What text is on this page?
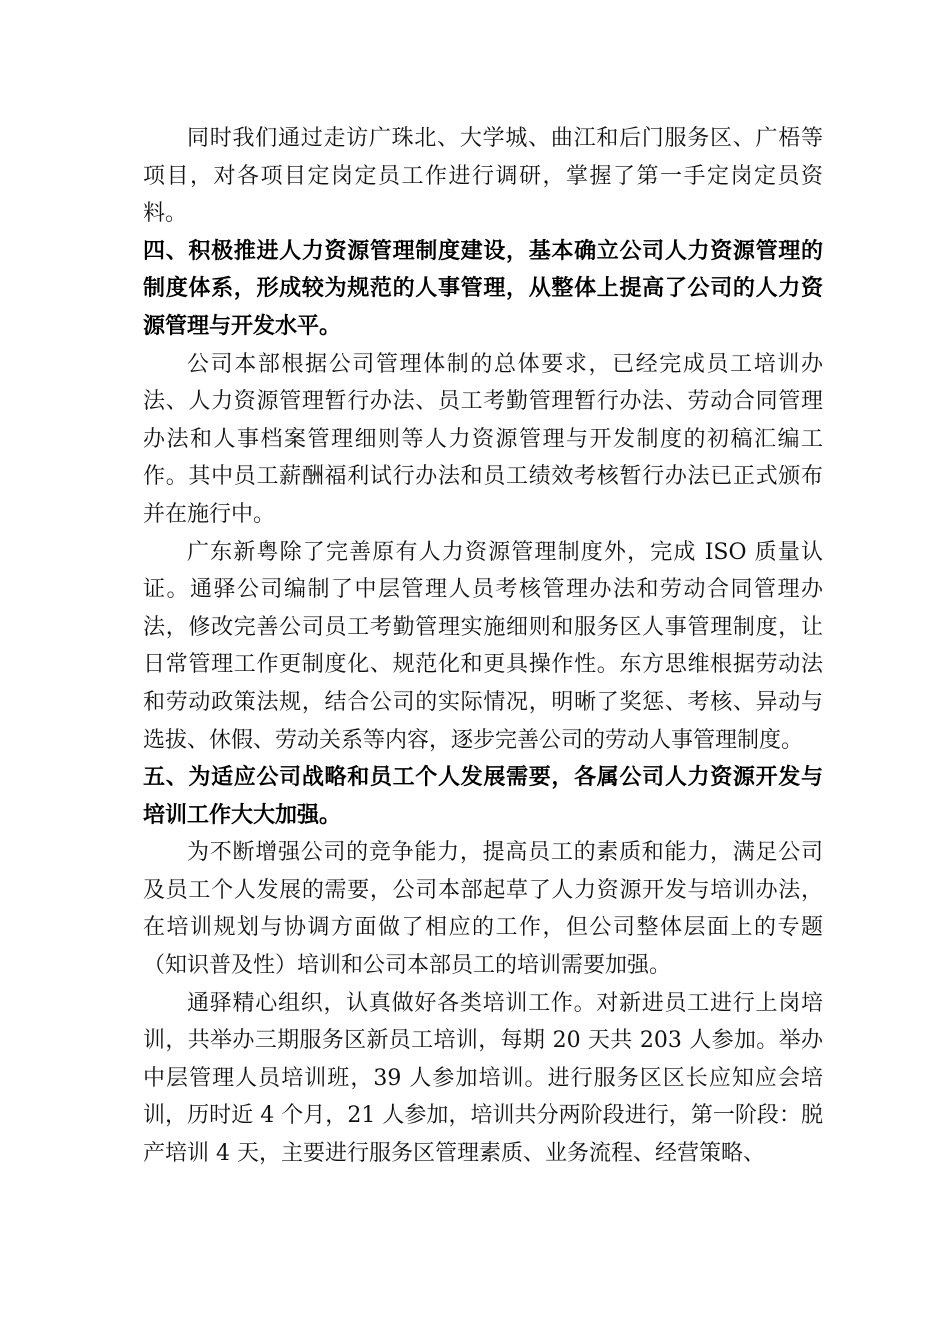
同时我们通过走访广珠北、大学城、曲江和后门服务区、广梧等项目，对各项目定岗定员工作进行调研，掌握了第一手定岗定员资料。

四、积极推进人力资源管理制度建设，基本确立公司人力资源管理的制度体系，形成较为规范的人事管理，从整体上提高了公司的人力资源管理与开发水平。

公司本部根据公司管理体制的总体要求，已经完成员工培训办法、人力资源管理暂行办法、员工考勤管理暂行办法、劳动合同管理办法和人事档案管理细则等人力资源管理与开发制度的初稿汇编工作。其中员工薪酬福利试行办法和员工绩效考核暂行办法已正式颁布并在施行中。

广东新粤除了完善原有人力资源管理制度外，完成 ISO 质量认证。通驿公司编制了中层管理人员考核管理办法和劳动合同管理办法，修改完善公司员工考勤管理实施细则和服务区人事管理制度，让日常管理工作更制度化、规范化和更具操作性。东方思维根据劳动法和劳动政策法规，结合公司的实际情况，明晰了奖惩、考核、异动与选拔、休假、劳动关系等内容，逐步完善公司的劳动人事管理制度。

五、为适应公司战略和员工个人发展需要，各属公司人力资源开发与培训工作大大加强。

为不断增强公司的竞争能力，提高员工的素质和能力，满足公司及员工个人发展的需要，公司本部起草了人力资源开发与培训办法，在培训规划与协调方面做了相应的工作，但公司整体层面上的专题（知识普及性）培训和公司本部员工的培训需要加强。

通驿精心组织，认真做好各类培训工作。对新进员工进行上岗培训，共举办三期服务区新员工培训，每期 20 天共 203 人参加。举办中层管理人员培训班，39 人参加培训。进行服务区区长应知应会培训，历时近 4 个月，21 人参加，培训共分两阶段进行，第一阶段：脱产培训 4 天，主要进行服务区管理素质、业务流程、经营策略、
